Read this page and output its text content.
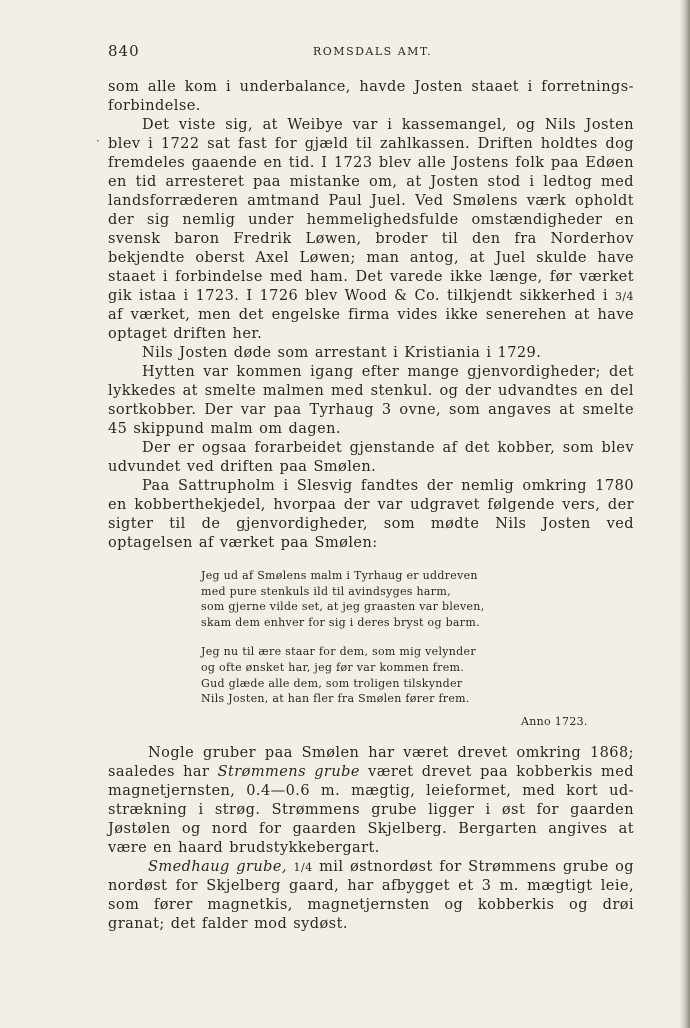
840	ROMSDALS AMT.
·

som alle kom i underbalance, havde Josten staaet i forretnings-forbindelse.

Det viste sig, at Weibye var i kassemangel, og Nils Josten blev i 1722 sat fast for gjæld til zahlkassen. Driften holdtes dog fremdeles gaaende en tid. I 1723 blev alle Jostens folk paa Edøen en tid arresteret paa mistanke om, at Josten stod i ledtog med landsforræderen amtmand Paul Juel. Ved Smølens værk opholdt der sig nemlig under hemmelighedsfulde omstændigheder en svensk baron Fredrik Løwen, broder til den fra Norderhov bekjendte oberst Axel Løwen; man antog, at Juel skulde have staaet i forbindelse med ham. Det varede ikke længe, før værket gik istaa i 1723. I 1726 blev Wood & Co. tilkjendt sikkerhed i 3/4 af værket, men det engelske firma vides ikke senerehen at have optaget driften her.

Nils Josten døde som arrestant i Kristiania i 1729.

Hytten var kommen igang efter mange gjenvordigheder; det lykkedes at smelte malmen med stenkul. og der udvandtes en del sortkobber. Der var paa Tyrhaug 3 ovne, som angaves at smelte 45 skippund malm om dagen.

Der er ogsaa forarbeidet gjenstande af det kobber, som blev udvundet ved driften paa Smølen.

Paa Sattrupholm i Slesvig fandtes der nemlig omkring 1780 en kobberthekjedel, hvorpaa der var udgravet følgende vers, der sigter til de gjenvordigheder, som mødte Nils Josten ved optagelsen af værket paa Smølen:

Jeg ud af Smølens malm i Tyrhaug er uddreven
med pure stenkuls ild til avindsyges harm,
som gjerne vilde set, at jeg graasten var bleven,
skam dem enhver for sig i deres bryst og barm.
Jeg nu til ære staar for dem, som mig velynder
og ofte ønsket har, jeg før var kommen frem.
Gud glæde alle dem, som troligen tilskynder
Nils Josten, at han fler fra Smølen fører frem.
Anno 1723.

Nogle gruber paa Smølen har været drevet omkring 1868; saaledes har Strømmens grube været drevet paa kobberkis med magnetjernsten, 0.4—0.6 m. mægtig, leieformet, med kort ud-strækning i strøg. Strømmens grube ligger i øst for gaarden Jøstølen og nord for gaarden Skjelberg. Bergarten angives at være en haard brudstykkebergart.

Smedhaug grube, 1/4 mil østnordøst for Strømmens grube og nordøst for Skjelberg gaard, har afbygget et 3 m. mægtigt leie, som fører magnetkis, magnetjernsten og kobberkis og drøi granat; det falder mod sydøst.
